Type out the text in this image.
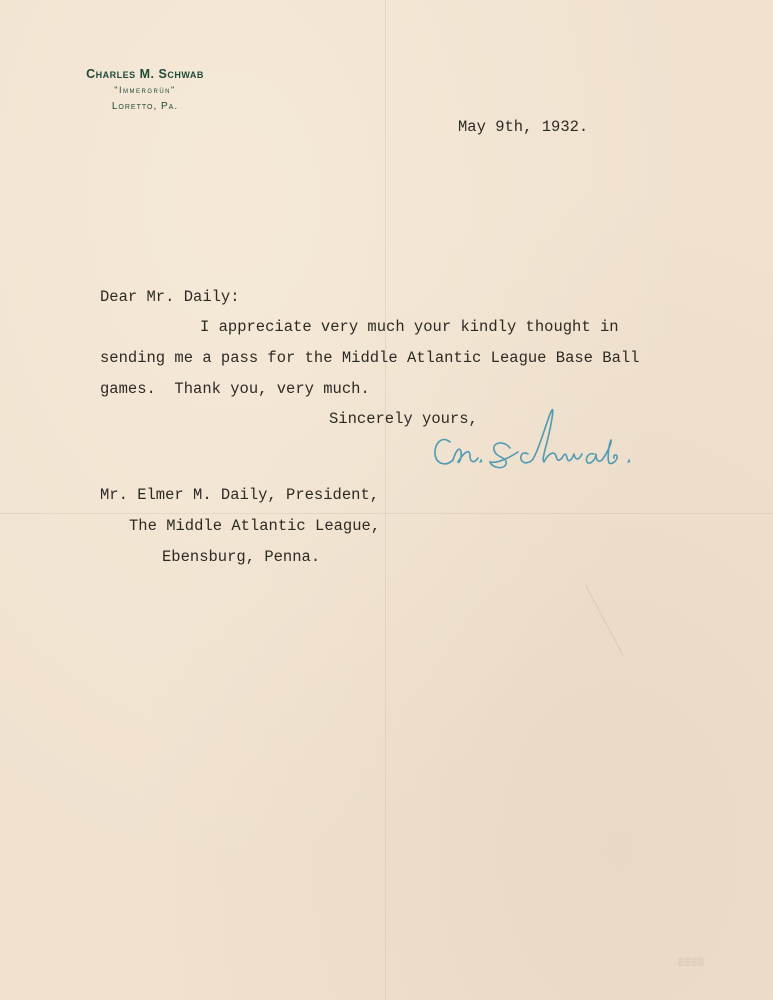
Charles M. Schwab
"Immergrün"
Loretto, Pa.
May 9th, 1932.
Dear Mr. Daily:
I appreciate very much your kindly thought in
sending me a pass for the Middle Atlantic League Base Ball
games.  Thank you, very much.
Sincerely yours,
Mr. Elmer M. Daily, President,
The Middle Atlantic League,
Ebensburg, Penna.
▒▒▒▒
